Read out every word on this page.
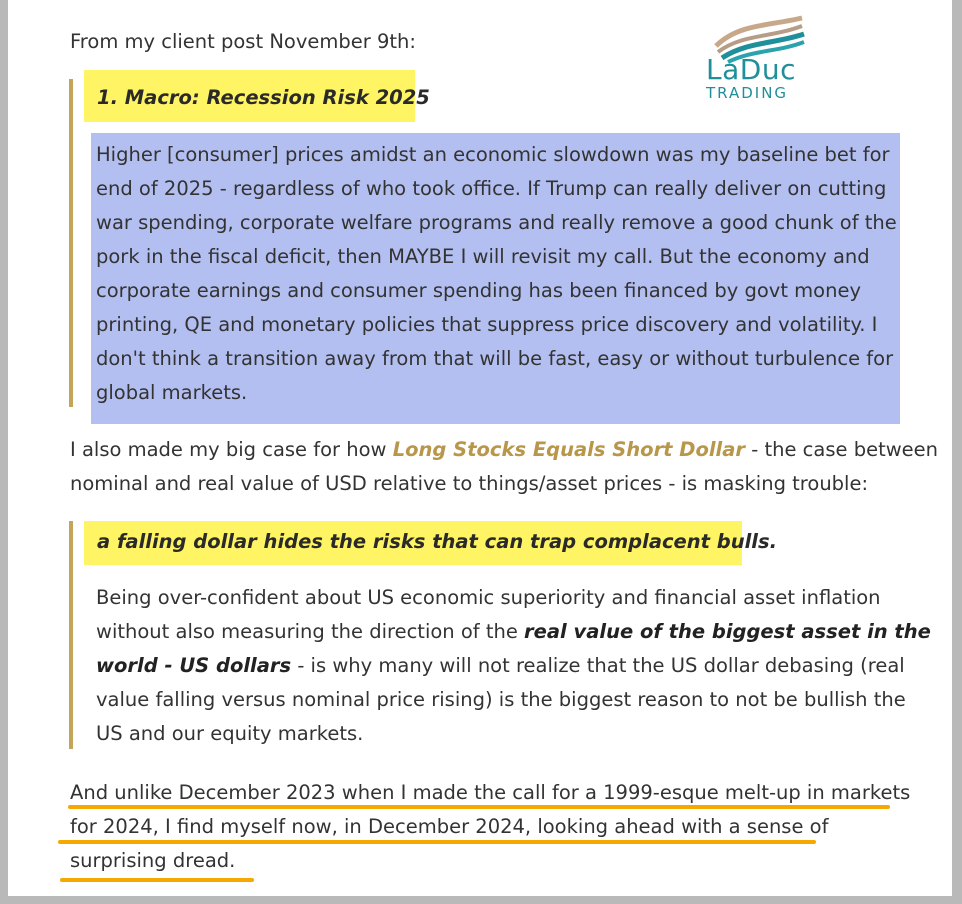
From my client post November 9th:
LaDuc
TRADING
1. Macro: Recession Risk 2025
Higher [consumer] prices amidst an economic slowdown was my baseline bet for
end of 2025 - regardless of who took office. If Trump can really deliver on cutting
war spending, corporate welfare programs and really remove a good chunk of the
pork in the fiscal deficit, then MAYBE I will revisit my call. But the economy and
corporate earnings and consumer spending has been financed by govt money
printing, QE and monetary policies that suppress price discovery and volatility. I
don't think a transition away from that will be fast, easy or without turbulence for
global markets.
I also made my big case for how Long Stocks Equals Short Dollar - the case between
nominal and real value of USD relative to things/asset prices - is masking trouble:
a falling dollar hides the risks that can trap complacent bulls.
Being over-confident about US economic superiority and financial asset inflation
without also measuring the direction of the real value of the biggest asset in the
world - US dollars - is why many will not realize that the US dollar debasing (real
value falling versus nominal price rising) is the biggest reason to not be bullish the
US and our equity markets.
And unlike December 2023 when I made the call for a 1999-esque melt-up in markets
for 2024, I find myself now, in December 2024, looking ahead with a sense of
surprising dread.
